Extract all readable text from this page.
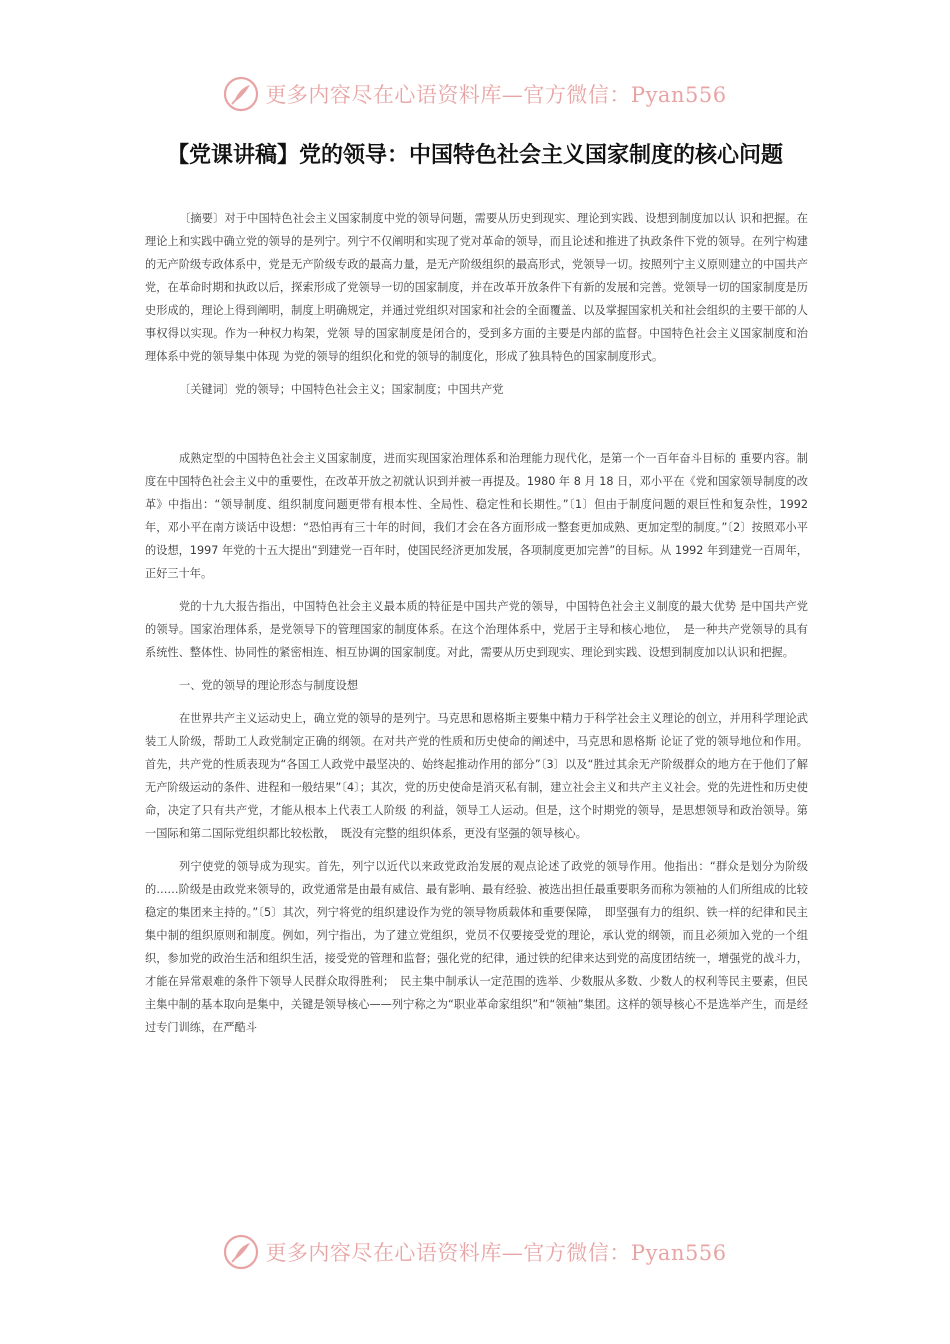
更多内容尽在心语资料库—官方微信：Pyan556
【党课讲稿】党的领导：中国特色社会主义国家制度的核心问题

〔摘要〕对于中国特色社会主义国家制度中党的领导问题，需要从历史到现实、理论到实践、设想到制度加以认 识和把握。在理论上和实践中确立党的领导的是列宁。列宁不仅阐明和实现了党对革命的领导，而且论述和推进了执政条件下党的领导。在列宁构建的无产阶级专政体系中，党是无产阶级专政的最高力量，是无产阶级组织的最高形式，党领导一切。按照列宁主义原则建立的中国共产党，在革命时期和执政以后，探索形成了党领导一切的国家制度，并在改革开放条件下有新的发展和完善。党领导一切的国家制度是历史形成的，理论上得到阐明，制度上明确规定，并通过党组织对国家和社会的全面覆盖、以及掌握国家机关和社会组织的主要干部的人事权得以实现。作为一种权力构架，党领 导的国家制度是闭合的，受到多方面的主要是内部的监督。中国特色社会主义国家制度和治理体系中党的领导集中体现 为党的领导的组织化和党的领导的制度化，形成了独具特色的国家制度形式。

〔关键词〕党的领导；中国特色社会主义；国家制度；中国共产党

成熟定型的中国特色社会主义国家制度，进而实现国家治理体系和治理能力现代化，是第一个一百年奋斗目标的 重要内容。制度在中国特色社会主义中的重要性，在改革开放之初就认识到并被一再提及。1980 年 8 月 18 日，邓小平在《党和国家领导制度的改革》中指出：“领导制度、组织制度问题更带有根本性、全局性、稳定性和长期性。”〔1〕但由于制度问题的艰巨性和复杂性，1992 年，邓小平在南方谈话中设想：“恐怕再有三十年的时间，我们才会在各方面形成一整套更加成熟、更加定型的制度。”〔2〕按照邓小平的设想，1997 年党的十五大提出“到建党一百年时，使国民经济更加发展，各项制度更加完善”的目标。从 1992 年到建党一百周年，正好三十年。

党的十九大报告指出，中国特色社会主义最本质的特征是中国共产党的领导，中国特色社会主义制度的最大优势 是中国共产党的领导。国家治理体系，是党领导下的管理国家的制度体系。在这个治理体系中，党居于主导和核心地位，　是一种共产党领导的具有系统性、整体性、协同性的紧密相连、相互协调的国家制度。对此，需要从历史到现实、理论到实践、设想到制度加以认识和把握。

一、党的领导的理论形态与制度设想

在世界共产主义运动史上，确立党的领导的是列宁。马克思和恩格斯主要集中精力于科学社会主义理论的创立，并用科学理论武装工人阶级，帮助工人政党制定正确的纲领。在对共产党的性质和历史使命的阐述中，马克思和恩格斯 论证了党的领导地位和作用。首先，共产党的性质表现为“各国工人政党中最坚决的、始终起推动作用的部分”〔3〕以及“胜过其余无产阶级群众的地方在于他们了解无产阶级运动的条件、进程和一般结果”〔4〕；其次，党的历史使命是消灭私有制，建立社会主义和共产主义社会。党的先进性和历史使命，决定了只有共产党，才能从根本上代表工人阶级 的利益，领导工人运动。但是，这个时期党的领导，是思想领导和政治领导。第一国际和第二国际党组织都比较松散，　既没有完整的组织体系，更没有坚强的领导核心。

列宁使党的领导成为现实。首先，列宁以近代以来政党政治发展的观点论述了政党的领导作用。他指出：“群众是划分为阶级的……阶级是由政党来领导的，政党通常是由最有威信、最有影响、最有经验、被选出担任最重要职务而称为领袖的人们所组成的比较稳定的集团来主持的。”〔5〕其次，列宁将党的组织建设作为党的领导物质载体和重要保障，　即坚强有力的组织、铁一样的纪律和民主集中制的组织原则和制度。例如，列宁指出，为了建立党组织，党员不仅要接受党的理论，承认党的纲领，而且必须加入党的一个组织，参加党的政治生活和组织生活，接受党的管理和监督；强化党的纪律，通过铁的纪律来达到党的高度团结统一，增强党的战斗力，才能在异常艰难的条件下领导人民群众取得胜利；　民主集中制承认一定范围的选举、少数服从多数、少数人的权利等民主要素，但民主集中制的基本取向是集中，关键是领导核心——列宁称之为“职业革命家组织”和“领袖”集团。这样的领导核心不是选举产生，而是经过专门训练，在严酷斗

更多内容尽在心语资料库—官方微信：Pyan556
